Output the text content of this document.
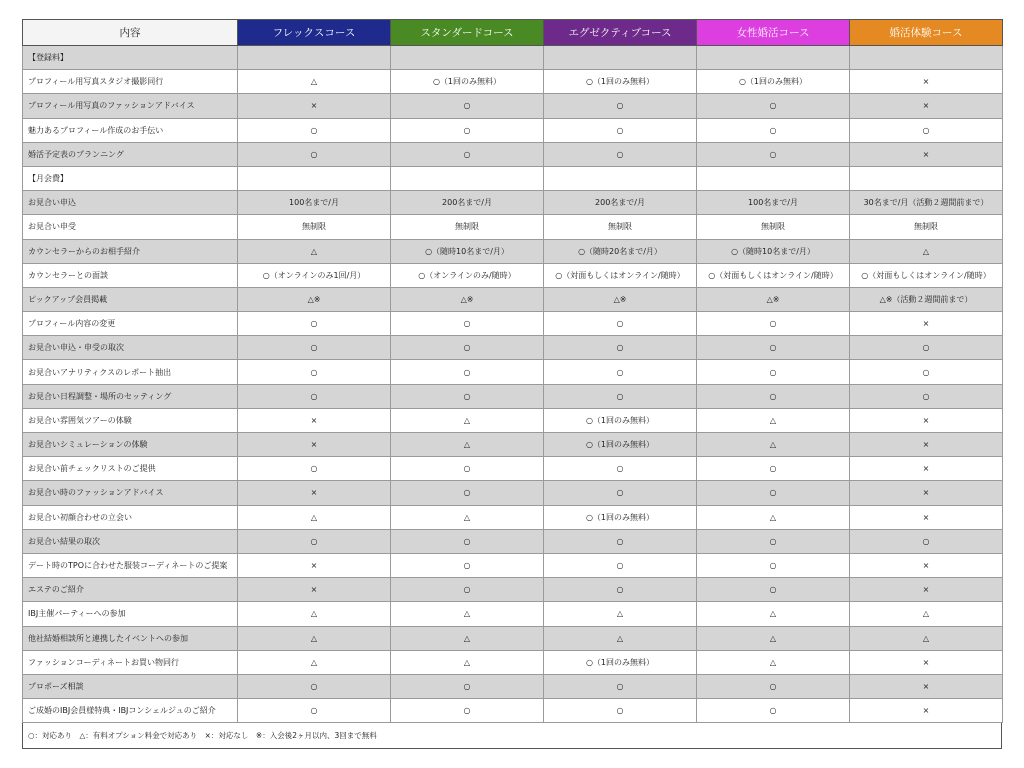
内容	フレックスコース	スタンダードコース	エグゼクティブコース	女性婚活コース	婚活体験コース
【登録料】					
プロフィール用写真スタジオ撮影同行	△	○（1回のみ無料）	○（1回のみ無料）	○（1回のみ無料）	×
プロフィール用写真のファッションアドバイス	×	○	○	○	×
魅力あるプロフィール作成のお手伝い	○	○	○	○	○
婚活予定表のプランニング	○	○	○	○	×
【月会費】					
お見合い申込	100名まで/月	200名まで/月	200名まで/月	100名まで/月	30名まで/月（活動２週間前まで）
お見合い申受	無制限	無制限	無制限	無制限	無制限
カウンセラーからのお相手紹介	△	○（随時10名まで/月）	○（随時20名まで/月）	○（随時10名まで/月）	△
カウンセラーとの面談	○（オンラインのみ1回/月）	○（オンラインのみ/随時）	○（対面もしくはオンライン/随時）	○（対面もしくはオンライン/随時）	○（対面もしくはオンライン/随時）
ピックアップ会員掲載	△※	△※	△※	△※	△※（活動２週間前まで）
プロフィール内容の変更	○	○	○	○	×
お見合い申込・申受の取次	○	○	○	○	○
お見合いアナリティクスのレポート抽出	○	○	○	○	○
お見合い日程調整・場所のセッティング	○	○	○	○	○
お見合い雰囲気ツアーの体験	×	△	○（1回のみ無料）	△	×
お見合いシミュレーションの体験	×	△	○（1回のみ無料）	△	×
お見合い前チェックリストのご提供	○	○	○	○	×
お見合い時のファッションアドバイス	×	○	○	○	×
お見合い初顔合わせの立会い	△	△	○（1回のみ無料）	△	×
お見合い結果の取次	○	○	○	○	○
デート時のTPOに合わせた服装コーディネートのご提案	×	○	○	○	×
エステのご紹介	×	○	○	○	×
IBJ主催パーティーへの参加	△	△	△	△	△
他社結婚相談所と連携したイベントへの参加	△	△	△	△	△
ファッションコーディネートお買い物同行	△	△	○（1回のみ無料）	△	×
プロポーズ相談	○	○	○	○	×
ご成婚のIBJ会員様特典・IBJコンシェルジュのご紹介	○	○	○	○	×
○：対応あり　△：有料オプション料金で対応あり　×：対応なし　※：入会後2ヶ月以内、3回まで無料
